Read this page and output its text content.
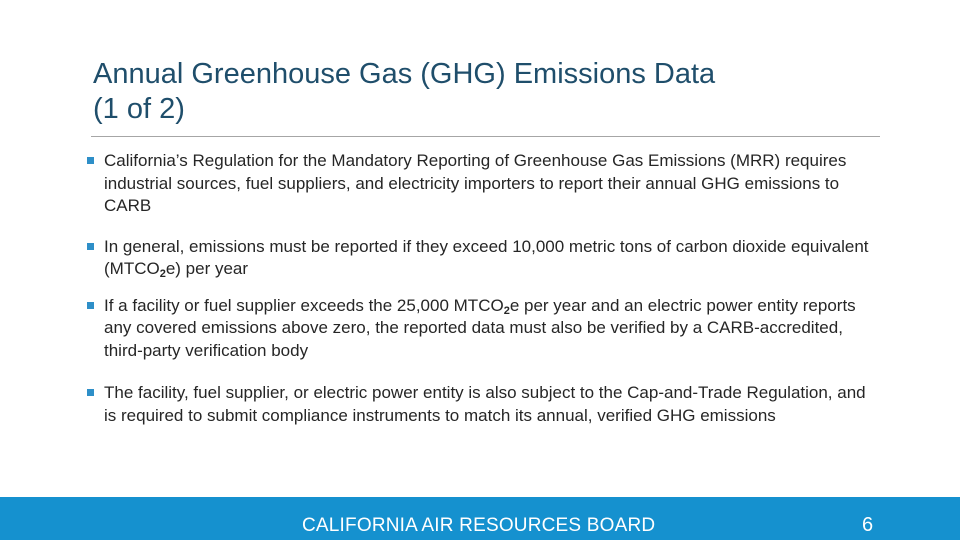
Annual Greenhouse Gas (GHG) Emissions Data
(1 of 2)
California’s Regulation for the Mandatory Reporting of Greenhouse Gas Emissions (MRR) requires industrial sources, fuel suppliers, and electricity importers to report their annual GHG emissions to CARB
In general, emissions must be reported if they exceed 10,000 metric tons of carbon dioxide equivalent $(MTCO_2e)$ per year
If a facility or fuel supplier exceeds the 25,000 $MTCO_2e$ per year and an electric power entity reports any covered emissions above zero, the reported data must also be verified by a CARB-accredited, third-party verification body
The facility, fuel supplier, or electric power entity is also subject to the Cap-and-Trade Regulation, and is required to submit compliance instruments to match its annual, verified GHG emissions
CALIFORNIA AIR RESOURCES BOARD	6
